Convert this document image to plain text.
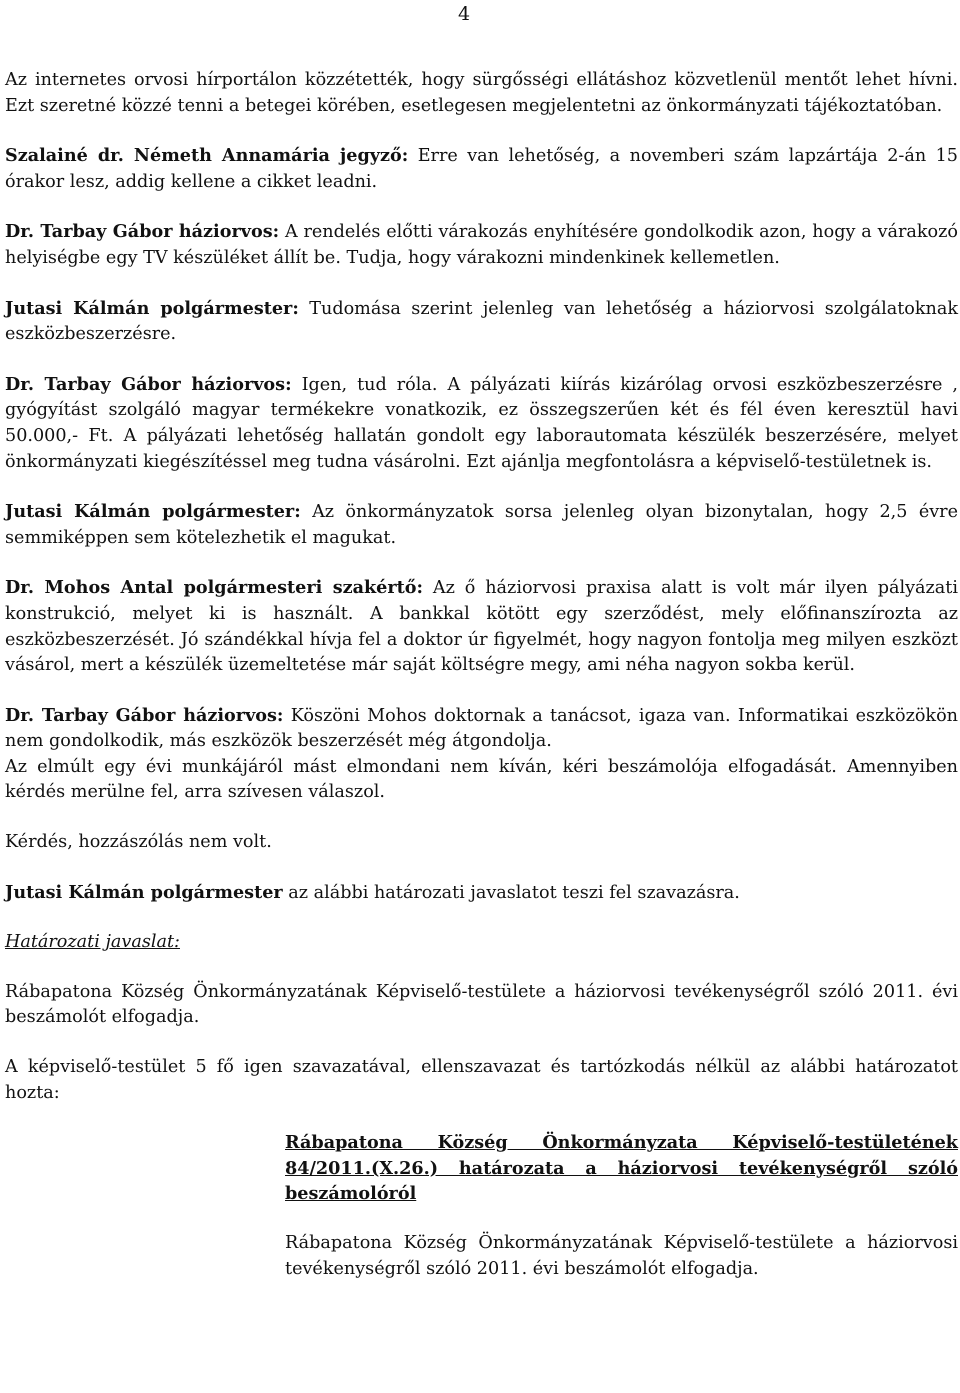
4

Az internetes orvosi hírportálon közzétették, hogy sürgősségi ellátáshoz közvetlenül mentőt lehet hívni. Ezt szeretné közzé tenni a betegei körében, esetlegesen megjelentetni az önkormányzati tájékoztatóban.

Szalainé dr. Németh Annamária jegyző: Erre van lehetőség, a novemberi szám lapzártája 2-án 15 órakor lesz, addig kellene a cikket leadni.

Dr. Tarbay Gábor háziorvos: A rendelés előtti várakozás enyhítésére gondolkodik azon, hogy a várakozó helyiségbe egy TV készüléket állít be. Tudja, hogy várakozni mindenkinek kellemetlen.

Jutasi Kálmán polgármester: Tudomása szerint jelenleg van lehetőség a háziorvosi szolgálatoknak eszközbeszerzésre.

Dr. Tarbay Gábor háziorvos: Igen, tud róla. A pályázati kiírás kizárólag orvosi eszközbeszerzésre , gyógyítást szolgáló magyar termékekre vonatkozik, ez összegszerűen két és fél éven keresztül havi 50.000,- Ft. A pályázati lehetőség hallatán gondolt egy laborautomata készülék beszerzésére, melyet önkormányzati kiegészítéssel meg tudna vásárolni. Ezt ajánlja megfontolásra a képviselő-testületnek is.

Jutasi Kálmán polgármester: Az önkormányzatok sorsa jelenleg olyan bizonytalan, hogy 2,5 évre semmiképpen sem kötelezhetik el magukat.

Dr. Mohos Antal polgármesteri szakértő: Az ő háziorvosi praxisa alatt is volt már ilyen pályázati konstrukció, melyet ki is használt. A bankkal kötött egy szerződést, mely előfinanszírozta az eszközbeszerzését. Jó szándékkal hívja fel a doktor úr figyelmét, hogy nagyon fontolja meg milyen eszközt vásárol, mert a készülék üzemeltetése már saját költségre megy, ami néha nagyon sokba kerül.

Dr. Tarbay Gábor háziorvos: Köszöni Mohos doktornak a tanácsot, igaza van. Informatikai eszközökön nem gondolkodik, más eszközök beszerzését még átgondolja.

Az elmúlt egy évi munkájáról mást elmondani nem kíván, kéri beszámolója elfogadását. Amennyiben kérdés merülne fel, arra szívesen válaszol.

Kérdés, hozzászólás nem volt.

Jutasi Kálmán polgármester az alábbi határozati javaslatot teszi fel szavazásra.

Határozati javaslat:

Rábapatona Község Önkormányzatának Képviselő-testülete a háziorvosi tevékenységről szóló 2011. évi beszámolót elfogadja.

A képviselő-testület 5 fő igen szavazatával, ellenszavazat és tartózkodás nélkül az alábbi határozatot hozta:

Rábapatona Község Önkormányzata Képviselő-testületének 84/2011.(X.26.) határozata a háziorvosi tevékenységről szóló beszámolóról
Rábapatona Község Önkormányzatának Képviselő-testülete a háziorvosi tevékenységről szóló 2011. évi beszámolót elfogadja.
